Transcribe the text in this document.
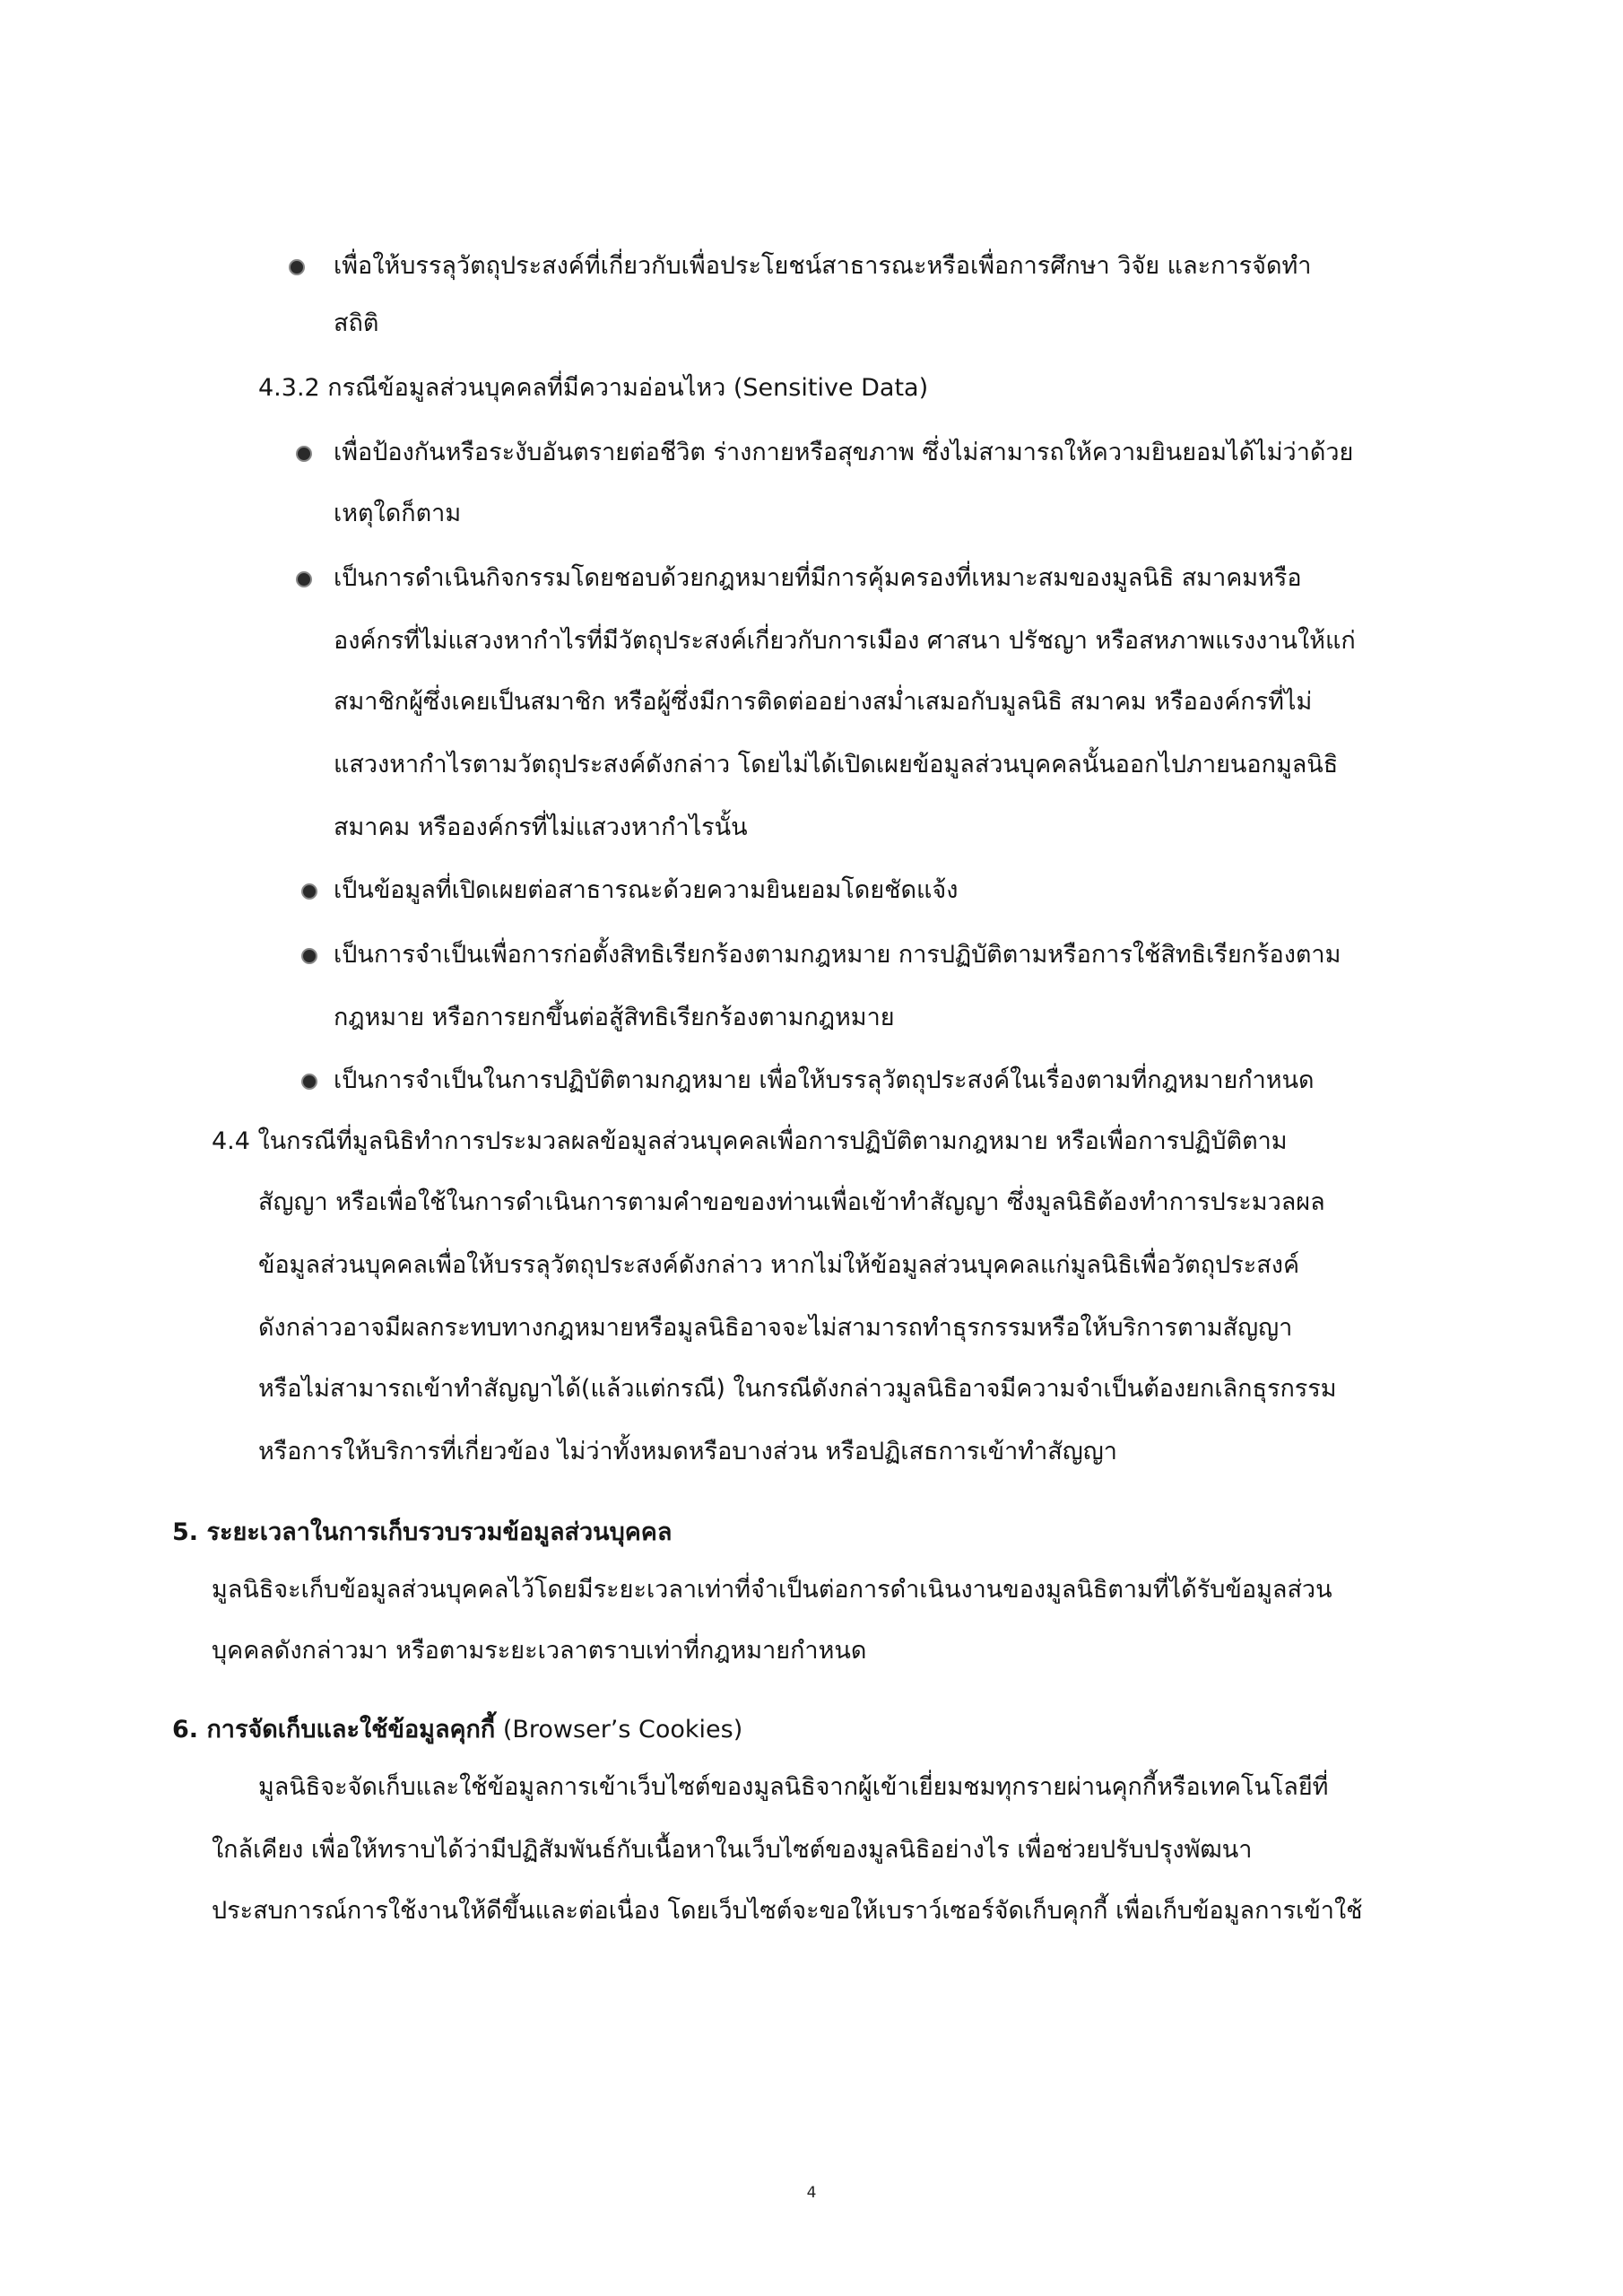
เพื่อให้บรรลุวัตถุประสงค์ที่เกี่ยวกับเพื่อประโยชน์สาธารณะหรือเพื่อการศึกษา วิจัย และการจัดทำ

สถิติ

4.3.2 กรณีข้อมูลส่วนบุคคลที่มีความอ่อนไหว (Sensitive Data)

เพื่อป้องกันหรือระงับอันตรายต่อชีวิต ร่างกายหรือสุขภาพ ซึ่งไม่สามารถให้ความยินยอมได้ไม่ว่าด้วย

เหตุใดก็ตาม

เป็นการดำเนินกิจกรรมโดยชอบด้วยกฎหมายที่มีการคุ้มครองที่เหมาะสมของมูลนิธิ สมาคมหรือ

องค์กรที่ไม่แสวงหากำไรที่มีวัตถุประสงค์เกี่ยวกับการเมือง ศาสนา ปรัชญา หรือสหภาพแรงงานให้แก่

สมาชิกผู้ซึ่งเคยเป็นสมาชิก หรือผู้ซึ่งมีการติดต่ออย่างสม่ำเสมอกับมูลนิธิ สมาคม หรือองค์กรที่ไม่

แสวงหากำไรตามวัตถุประสงค์ดังกล่าว โดยไม่ได้เปิดเผยข้อมูลส่วนบุคคลนั้นออกไปภายนอกมูลนิธิ

สมาคม หรือองค์กรที่ไม่แสวงหากำไรนั้น

เป็นข้อมูลที่เปิดเผยต่อสาธารณะด้วยความยินยอมโดยชัดแจ้ง

เป็นการจำเป็นเพื่อการก่อตั้งสิทธิเรียกร้องตามกฎหมาย การปฏิบัติตามหรือการใช้สิทธิเรียกร้องตาม

กฎหมาย หรือการยกขึ้นต่อสู้สิทธิเรียกร้องตามกฎหมาย

เป็นการจำเป็นในการปฏิบัติตามกฎหมาย เพื่อให้บรรลุวัตถุประสงค์ในเรื่องตามที่กฎหมายกำหนด

4.4 ในกรณีที่มูลนิธิทำการประมวลผลข้อมูลส่วนบุคคลเพื่อการปฏิบัติตามกฎหมาย หรือเพื่อการปฏิบัติตาม

สัญญา หรือเพื่อใช้ในการดำเนินการตามคำขอของท่านเพื่อเข้าทำสัญญา ซึ่งมูลนิธิต้องทำการประมวลผล

ข้อมูลส่วนบุคคลเพื่อให้บรรลุวัตถุประสงค์ดังกล่าว หากไม่ให้ข้อมูลส่วนบุคคลแก่มูลนิธิเพื่อวัตถุประสงค์

ดังกล่าวอาจมีผลกระทบทางกฎหมายหรือมูลนิธิอาจจะไม่สามารถทำธุรกรรมหรือให้บริการตามสัญญา

หรือไม่สามารถเข้าทำสัญญาได้(แล้วแต่กรณี) ในกรณีดังกล่าวมูลนิธิอาจมีความจำเป็นต้องยกเลิกธุรกรรม

หรือการให้บริการที่เกี่ยวข้อง ไม่ว่าทั้งหมดหรือบางส่วน หรือปฏิเสธการเข้าทำสัญญา

5. ระยะเวลาในการเก็บรวบรวมข้อมูลส่วนบุคคล

มูลนิธิจะเก็บข้อมูลส่วนบุคคลไว้โดยมีระยะเวลาเท่าที่จำเป็นต่อการดำเนินงานของมูลนิธิตามที่ได้รับข้อมูลส่วน

บุคคลดังกล่าวมา หรือตามระยะเวลาตราบเท่าที่กฎหมายกำหนด

6. การจัดเก็บและใช้ข้อมูลคุกกี้ (Browser’s Cookies)

มูลนิธิจะจัดเก็บและใช้ข้อมูลการเข้าเว็บไซต์ของมูลนิธิจากผู้เข้าเยี่ยมชมทุกรายผ่านคุกกี้หรือเทคโนโลยีที่

ใกล้เคียง เพื่อให้ทราบได้ว่ามีปฏิสัมพันธ์กับเนื้อหาในเว็บไซต์ของมูลนิธิอย่างไร เพื่อช่วยปรับปรุงพัฒนา

ประสบการณ์การใช้งานให้ดีขึ้นและต่อเนื่อง โดยเว็บไซต์จะขอให้เบราว์เซอร์จัดเก็บคุกกี้ เพื่อเก็บข้อมูลการเข้าใช้

4
